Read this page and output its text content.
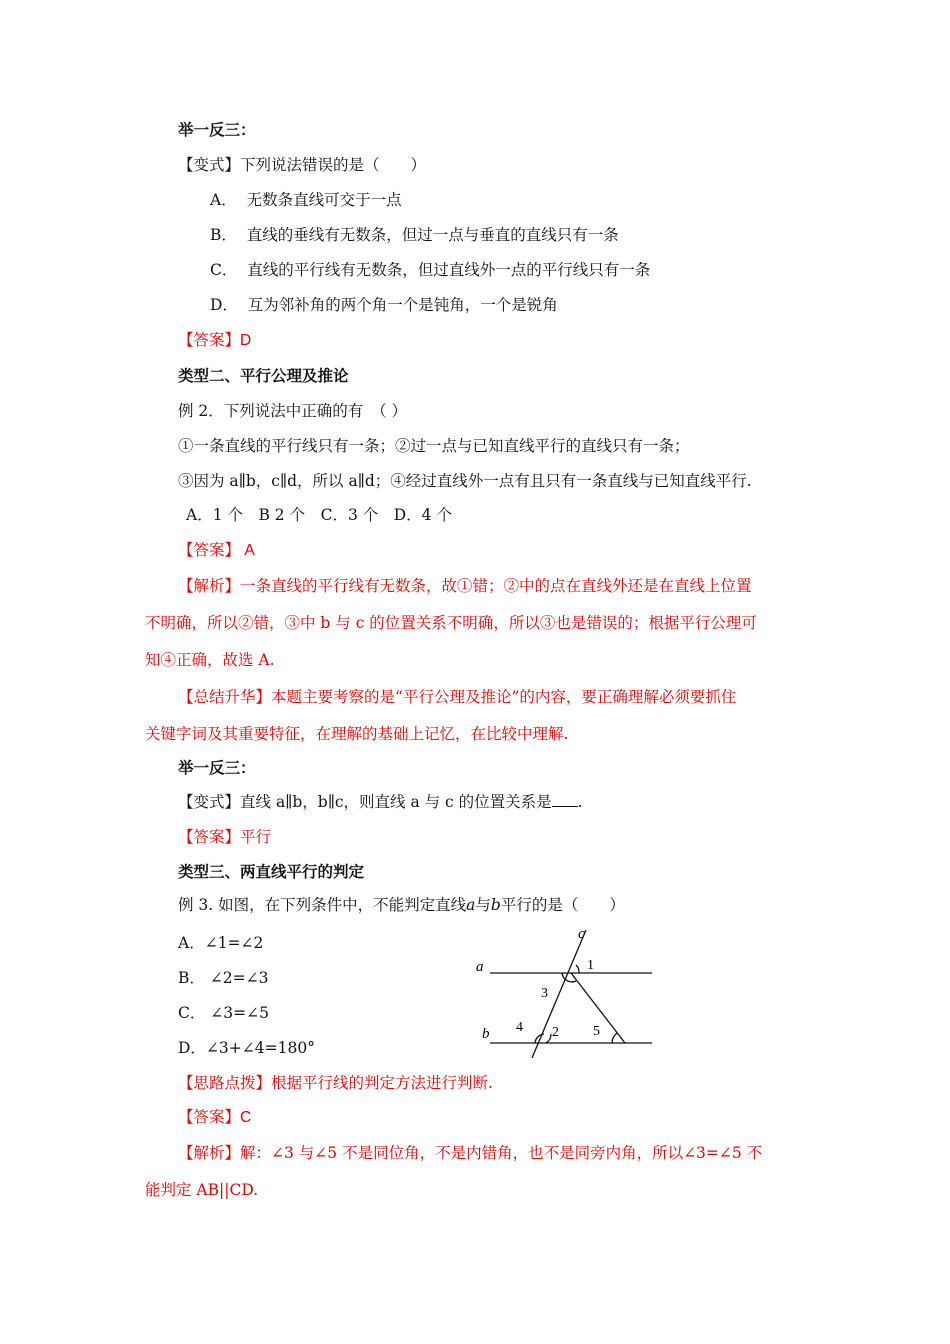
举一反三：
【变式】下列说法错误的是（　　）
A． 无数条直线可交于一点
B． 直线的垂线有无数条，但过一点与垂直的直线只有一条
C． 直线的平行线有无数条，但过直线外一点的平行线只有一条
D． 互为邻补角的两个角一个是钝角，一个是锐角
【答案】D
类型二、平行公理及推论
例 2．下列说法中正确的有　（ ）
①一条直线的平行线只有一条；②过一点与已知直线平行的直线只有一条；
③因为 a∥b，c∥d，所以 a∥d；④经过直线外一点有且只有一条直线与已知直线平行.
A．1 个　B 2 个　C．3 个　D．4 个
【答案】 A
【解析】一条直线的平行线有无数条，故①错；②中的点在直线外还是在直线上位置
不明确，所以②错，③中 b 与 c 的位置关系不明确，所以③也是错误的；根据平行公理可
知④正确，故选 A.
【总结升华】本题主要考察的是“平行公理及推论”的内容，要正确理解必须要抓住
关键字词及其重要特征，在理解的基础上记忆，在比较中理解.
举一反三：
【变式】直线 a∥b，b∥c，则直线 a 与 c 的位置关系是 .
【答案】平行
类型三、两直线平行的判定
例 3. 如图，在下列条件中，不能判定直线a与b平行的是（　　）
A．∠1=∠2
B． ∠2=∠3
C． ∠3=∠5
D．∠3+∠4=180°
a
b
c
1
2
3
4	5
【思路点拨】根据平行线的判定方法进行判断.
【答案】C
【解析】解：∠3 与∠5 不是同位角，不是内错角，也不是同旁内角，所以∠3=∠5 不
能判定 AB||CD.
